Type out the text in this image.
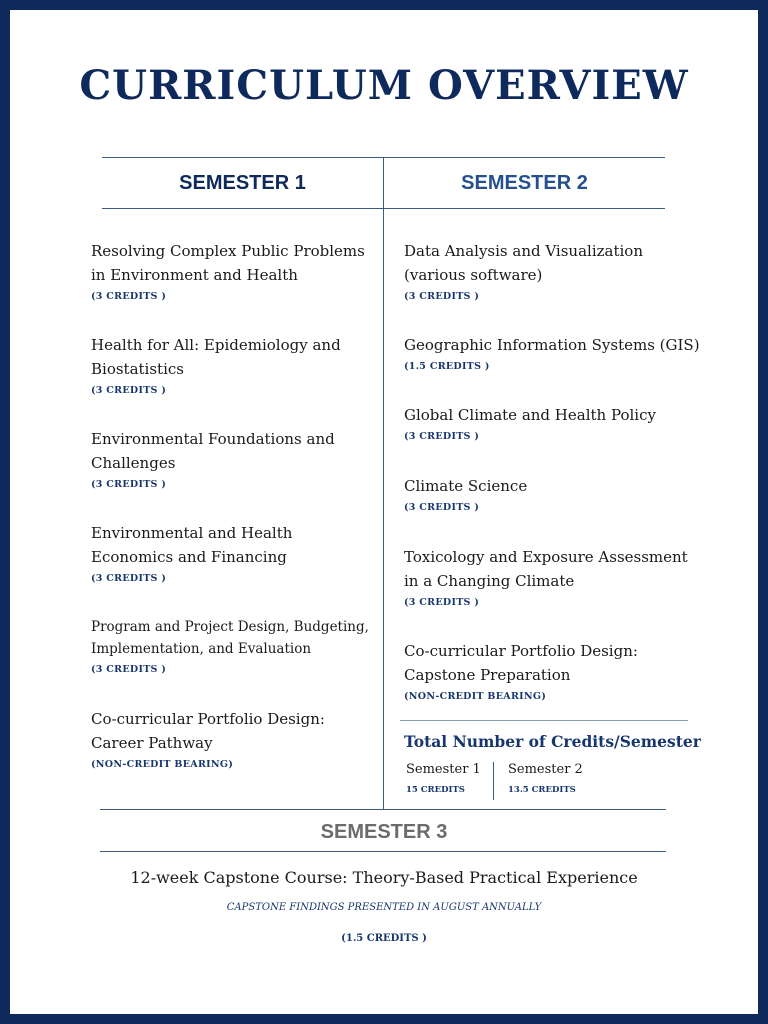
CURRICULUM OVERVIEW
SEMESTER 1	SEMESTER 2
Resolving Complex Public Problems
in Environment and Health
(3 CREDITS )
Health for All: Epidemiology and
Biostatistics
(3 CREDITS )
Environmental Foundations and
Challenges
(3 CREDITS )
Environmental and Health
Economics and Financing
(3 CREDITS )
Program and Project Design, Budgeting,
Implementation, and Evaluation
(3 CREDITS )
Co-curricular Portfolio Design:
Career Pathway
(NON-CREDIT BEARING)
Data Analysis and Visualization
(various software)
(3 CREDITS )
Geographic Information Systems (GIS)
(1.5 CREDITS )
Global Climate and Health Policy
(3 CREDITS )
Climate Science
(3 CREDITS )
Toxicology and Exposure Assessment
in a Changing Climate
(3 CREDITS )
Co-curricular Portfolio Design:
Capstone Preparation
(NON-CREDIT BEARING)
Total Number of Credits/Semester
Semester 1
15 CREDITS
Semester 2
13.5 CREDITS
SEMESTER 3
12-week Capstone Course: Theory-Based Practical Experience
CAPSTONE FINDINGS PRESENTED IN AUGUST ANNUALLY
(1.5 CREDITS )
